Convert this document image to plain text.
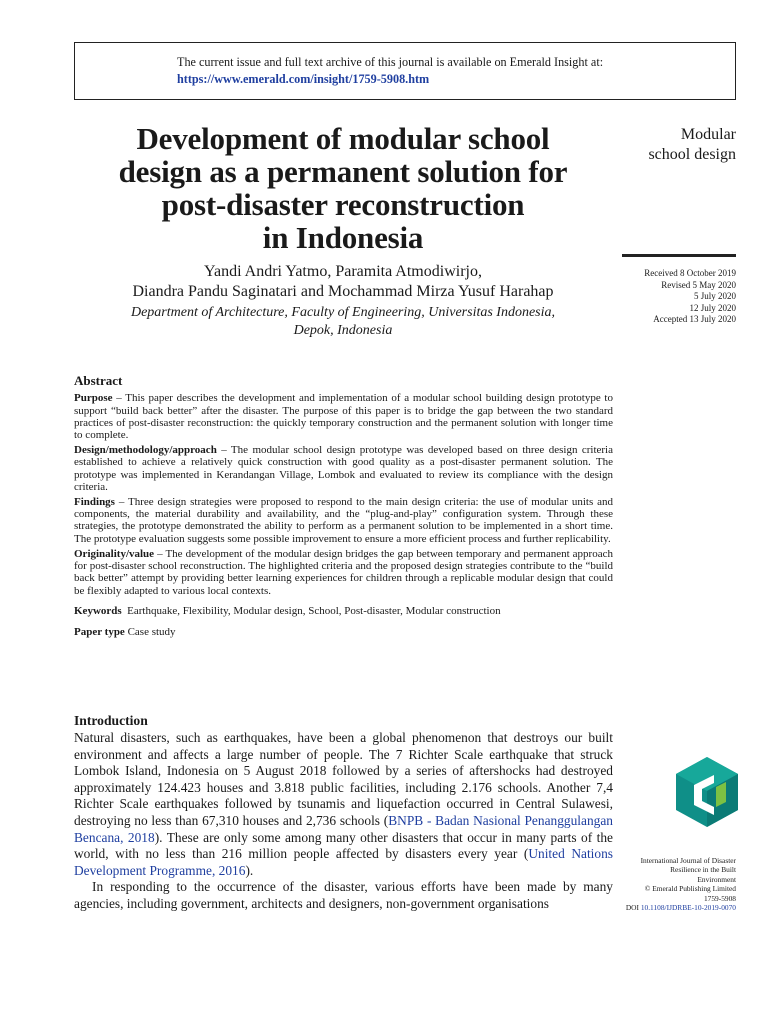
The current issue and full text archive of this journal is available on Emerald Insight at:
https://www.emerald.com/insight/1759-5908.htm
Development of modular school
design as a permanent solution for
post-disaster reconstruction
in Indonesia
Modular
school design
Received 8 October 2019
Revised 5 May 2020
5 July 2020
12 July 2020
Accepted 13 July 2020
Yandi Andri Yatmo, Paramita Atmodiwirjo,
Diandra Pandu Saginatari and Mochammad Mirza Yusuf Harahap
Department of Architecture, Faculty of Engineering, Universitas Indonesia,
Depok, Indonesia
Abstract

Purpose – This paper describes the development and implementation of a modular school building design prototype to support “build back better” after the disaster. The purpose of this paper is to bridge the gap between the two standard practices of post-disaster reconstruction: the quickly temporary construction and the permanent solution with longer time to complete.

Design/methodology/approach – The modular school design prototype was developed based on three design criteria established to achieve a relatively quick construction with good quality as a post-disaster permanent solution. The prototype was implemented in Kerandangan Village, Lombok and evaluated to review its compliance with the design criteria.

Findings – Three design strategies were proposed to respond to the main design criteria: the use of modular units and components, the material durability and availability, and the “plug-and-play” configuration system. Through these strategies, the prototype demonstrated the ability to perform as a permanent solution to be implemented in a short time. The prototype evaluation suggests some possible improvement to ensure a more efficient process and further replicability.

Originality/value – The development of the modular design bridges the gap between temporary and permanent approach for post-disaster school reconstruction. The highlighted criteria and the proposed design strategies contribute to the “build back better” attempt by providing better learning experiences for children through a replicable modular design that could be flexibly adapted to various local contexts.

Keywords Earthquake, Flexibility, Modular design, School, Post-disaster, Modular construction

Paper type Case study

Introduction

Natural disasters, such as earthquakes, have been a global phenomenon that destroys our built environment and affects a large number of people. The 7 Richter Scale earthquake that struck Lombok Island, Indonesia on 5 August 2018 followed by a series of aftershocks had destroyed approximately 124.423 houses and 3.818 public facilities, including 2.176 schools. Another 7,4 Richter Scale earthquakes followed by tsunamis and liquefaction occurred in Central Sulawesi, destroying no less than 67,310 houses and 2,736 schools (BNPB - Badan Nasional Penanggulangan Bencana, 2018). These are only some among many other disasters that occur in many parts of the world, with no less than 216 million people affected by disasters every year (United Nations Development Programme, 2016).

In responding to the occurrence of the disaster, various efforts have been made by many agencies, including government, architects and designers, non-government organisations

International Journal of Disaster
Resilience in the Built
Environment
© Emerald Publishing Limited
1759-5908
DOI 10.1108/IJDRBE-10-2019-0070
